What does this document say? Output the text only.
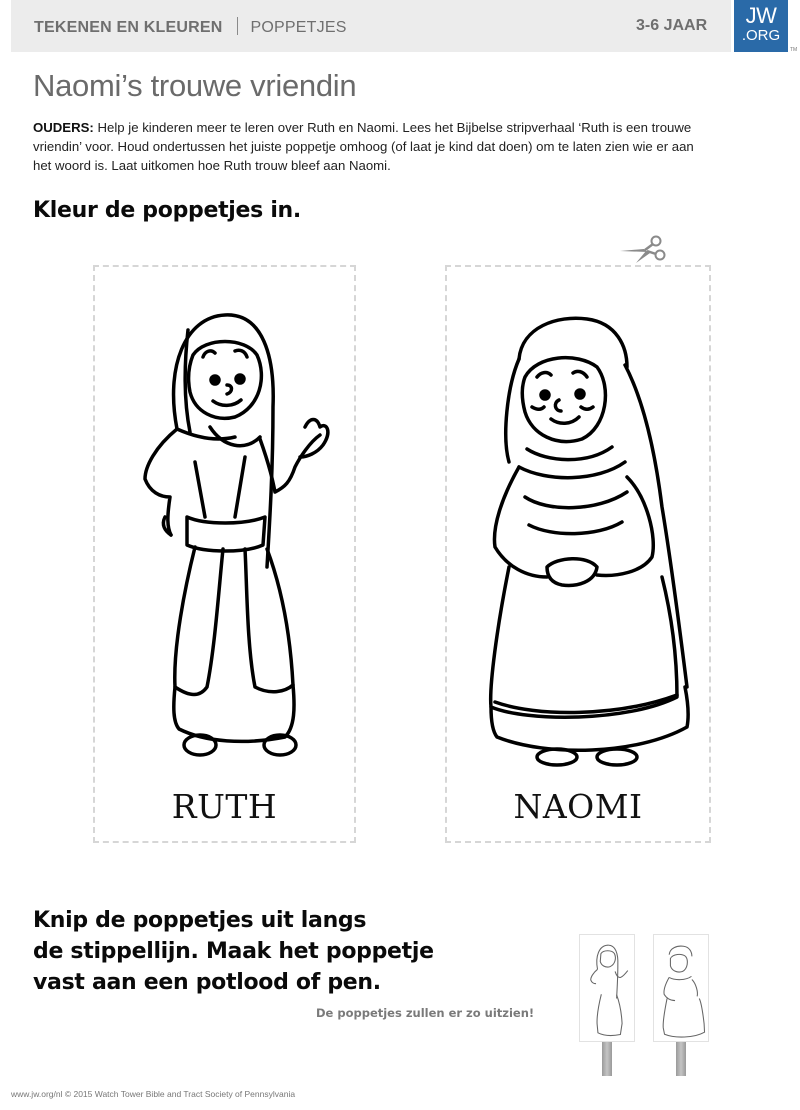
TEKENEN EN KLEUREN POPPETJES	3-6 JAAR	JW
.ORG
TM
Naomi’s trouwe vriendin

OUDERS: Help je kinderen meer te leren over Ruth en Naomi. Lees het Bijbelse stripverhaal ‘Ruth is een trouwe vriendin’ voor. Houd ondertussen het juiste poppetje omhoog (of laat je kind dat doen) om te laten zien wie er aan het woord is. Laat uitkomen hoe Ruth trouw bleef aan Naomi.

Kleur de poppetjes in.
RUTH	NAOMI
Knip de poppetjes uit langs
de stippellijn. Maak het poppetje
vast aan een potlood of pen.
De poppetjes zullen er zo uitzien!
www.jw.org/nl © 2015 Watch Tower Bible and Tract Society of Pennsylvania
